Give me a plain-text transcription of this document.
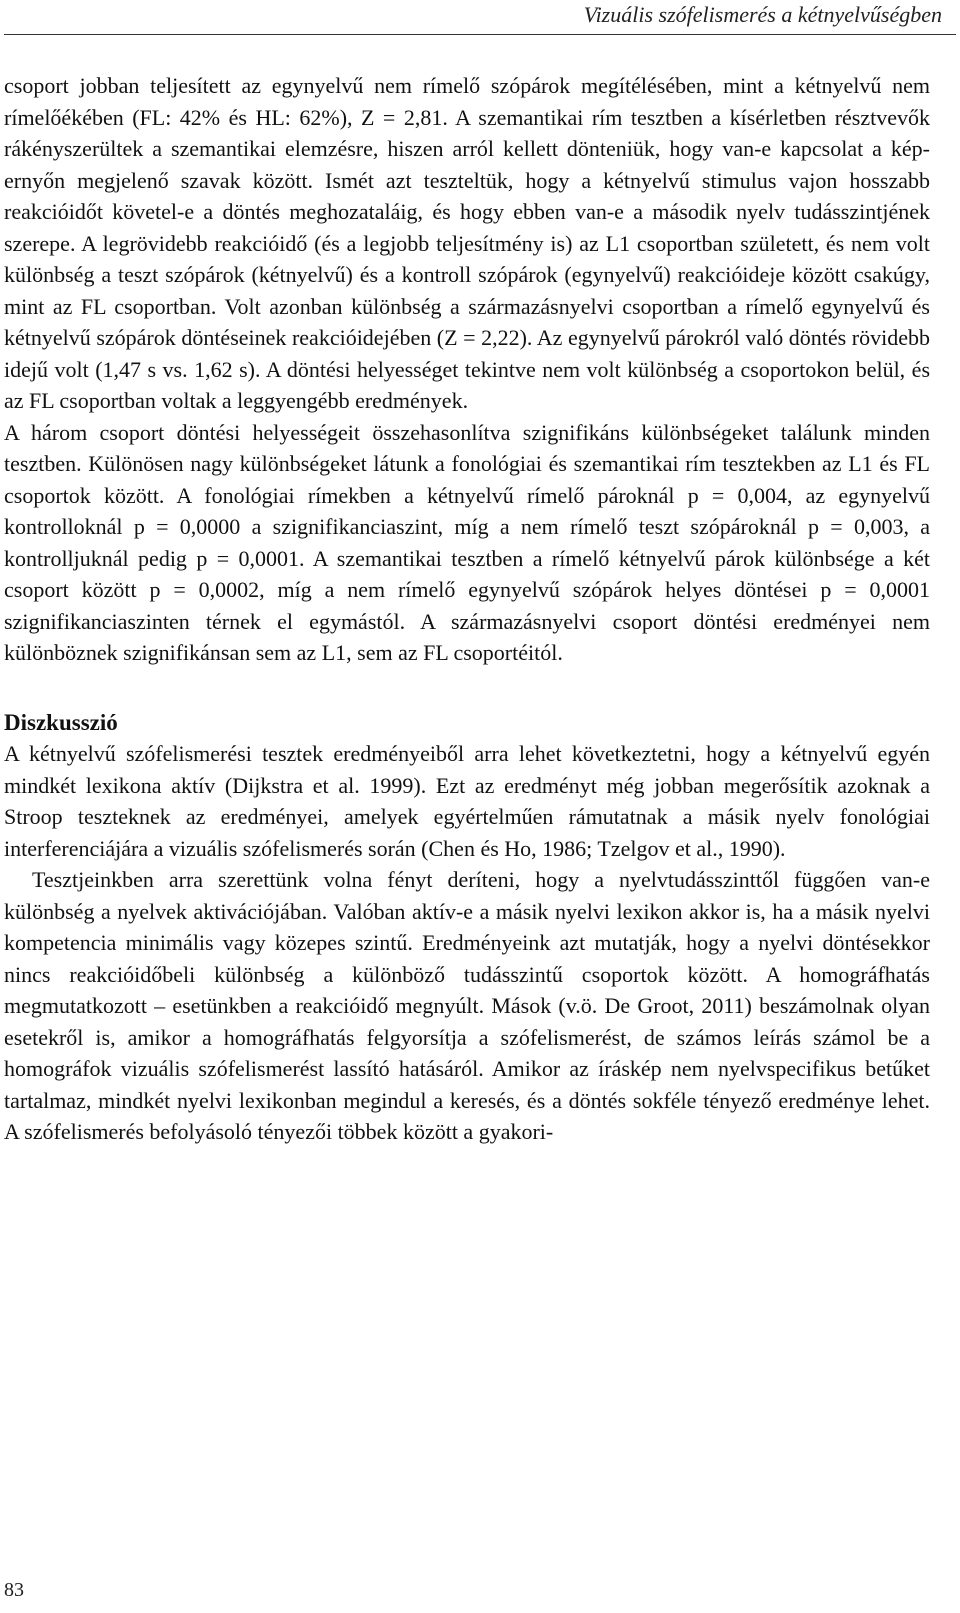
Vizuális szófelismerés a kétnyelvűségben

csoport jobban teljesített az egynyelvű nem rímelő szópárok megítélésében, mint a kétnyelvű nem rímelőékében (FL: 42% és HL: 62%), Z = 2,81. A szemantikai rím tesztben a kísérletben résztvevők rákényszerültek a szemantikai elemzésre, hiszen arról kellett dönteniük, hogy van-e kapcsolat a képernyőn megjelenő szavak között. Ismét azt teszteltük, hogy a kétnyelvű stimulus vajon hosszabb reakcióidőt követel-e a döntés meghozataláig, és hogy ebben van-e a második nyelv tudásszintjének szerepe. A legrövidebb reakcióidő (és a legjobb teljesítmény is) az L1 csoportban született, és nem volt különbség a teszt szópárok (kétnyelvű) és a kontroll szópárok (egynyelvű) reakcióideje között csakúgy, mint az FL csoportban. Volt azonban különbség a származásnyelvi csoportban a rímelő egynyelvű és kétnyelvű szópárok döntéseinek reakcióidejében (Z = 2,22). Az egynyelvű párokról való döntés rövidebb idejű volt (1,47 s vs. 1,62 s). A döntési helyességet tekintve nem volt különbség a csoportokon belül, és az FL csoportban voltak a leggyengébb eredmények.

A három csoport döntési helyességeit összehasonlítva szignifikáns különbségeket találunk minden tesztben. Különösen nagy különbségeket látunk a fonológiai és szemantikai rím tesztekben az L1 és FL csoportok között. A fonológiai rímekben a kétnyelvű rímelő pároknál p = 0,004, az egynyelvű kontrolloknál p = 0,0000 a szignifikanciaszint, míg a nem rímelő teszt szópároknál p = 0,003, a kontrolljuknál pedig p = 0,0001. A szemantikai tesztben a rímelő kétnyelvű párok különbsége a két csoport között p = 0,0002, míg a nem rímelő egynyelvű szópárok helyes döntései p = 0,0001 szignifikanciaszinten térnek el egymástól. A származásnyelvi csoport döntési eredményei nem különböznek szignifikánsan sem az L1, sem az FL csoportéitól.

Diszkusszió

A kétnyelvű szófelismerési tesztek eredményeiből arra lehet következtetni, hogy a kétnyelvű egyén mindkét lexikona aktív (Dijkstra et al. 1999). Ezt az eredményt még jobban megerősítik azoknak a Stroop teszteknek az eredményei, amelyek egyértelműen rámutatnak a másik nyelv fonológiai interferenciájára a vizuális szófelismerés során (Chen és Ho, 1986; Tzelgov et al., 1990).

Tesztjeinkben arra szerettünk volna fényt deríteni, hogy a nyelvtudásszinttől függően van-e különbség a nyelvek aktivációjában. Valóban aktív-e a másik nyelvi lexikon akkor is, ha a másik nyelvi kompetencia minimális vagy közepes szintű. Eredményeink azt mutatják, hogy a nyelvi döntésekkor nincs reakcióidőbeli különbség a különböző tudásszintű csoportok között. A homográfhatás megmutatkozott – esetünkben a reakcióidő megnyúlt. Mások (v.ö. De Groot, 2011) beszámolnak olyan esetekről is, amikor a homográfhatás felgyorsítja a szófelismerést, de számos leírás számol be a homográfok vizuális szófelismerést lassító hatásáról. Amikor az íráskép nem nyelvspecifikus betűket tartalmaz, mindkét nyelvi lexikonban megindul a keresés, és a döntés sokféle tényező eredménye lehet. A szófelismerés befolyásoló tényezői többek között a gyakori-

83
